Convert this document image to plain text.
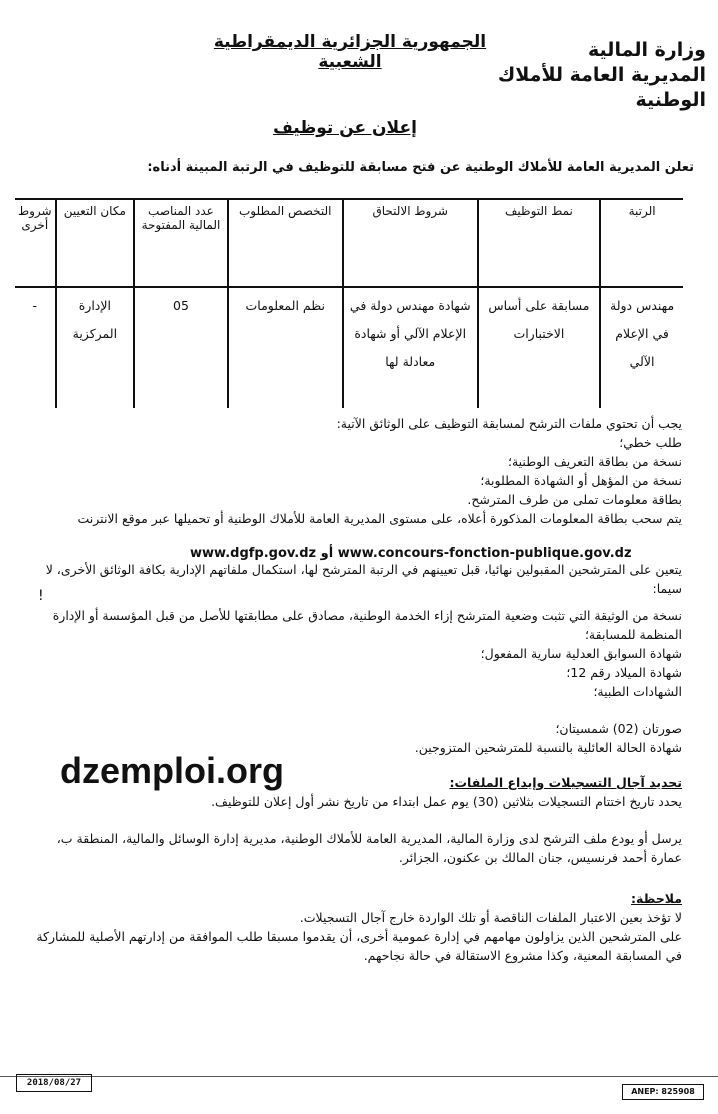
وزارة المالية
المديرية العامة للأملاك
الوطنية
الجمهورية الجزائرية الديمقراطية الشعبية
إعلان عن توظيف
تعلن المديرية العامة للأملاك الوطنية عن فتح مسابقة للتوظيف في الرتبة المبينة أدناه:
الرتبة	نمط التوظيف	شروط الالتحاق	التخصص المطلوب	عدد المناصب المالية المفتوحة	مكان التعيين	شروط أخرى
مهندس دولة في الإعلام الآلي	مسابقة على أساس الاختبارات	شهادة مهندس دولة في الإعلام الآلي أو شهادة معادلة لها	نظم المعلومات	05	الإدارة المركزية	-

يجب أن تحتوي ملفات الترشح لمسابقة التوظيف على الوثائق الآتية:

طلب خطي؛

نسخة من بطاقة التعريف الوطنية؛

نسخة من المؤهل أو الشهادة المطلوبة؛

بطاقة معلومات تملى من طرف المترشح.

يتم سحب بطاقة المعلومات المذكورة أعلاه، على مستوى المديرية العامة للأملاك الوطنية أو تحميلها عبر موقع الانترنت

يتعين على المترشحين المقبولين نهائيا، قبل تعيينهم في الرتبة المترشح لها، استكمال ملفاتهم الإدارية بكافة الوثائق الأخرى، لا سيما:

نسخة من الوثيقة التي تثبت وضعية المترشح إزاء الخدمة الوطنية، مصادق على مطابقتها للأصل من قبل المؤسسة أو الإدارة المنظمة للمسابقة؛

شهادة السوابق العدلية سارية المفعول؛

شهادة الميلاد رقم 12؛

الشهادات الطبية؛

صورتان (02) شمسيتان؛

شهادة الحالة العائلية بالنسبة للمترشحين المتزوجين.

تحديد آجال التسجيلات وإيداع الملفات:

يحدد تاريخ اختتام التسجيلات بثلاثين (30) يوم عمل ابتداء من تاريخ نشر أول إعلان للتوظيف.

يرسل أو يودع ملف الترشح لدى وزارة المالية، المديرية العامة للأملاك الوطنية، مديرية إدارة الوسائل والمالية، المنطقة ب، عمارة أحمد فرنسيس، جنان المالك بن عكنون، الجزائر.

ملاحظة:

لا تؤخذ بعين الاعتبار الملفات الناقصة أو تلك الواردة خارج آجال التسجيلات.

على المترشحين الذين يزاولون مهامهم في إدارة عمومية أخرى، أن يقدموا مسبقا طلب الموافقة من إدارتهم الأصلية للمشاركة في المسابقة المعنية، وكذا مشروع الاستقالة في حالة نجاحهم.

www.dgfp.gov.dz أو www.concours-fonction-publique.gov.dz
!
dzemploi.org
2018/08/27
ANEP: 825908
